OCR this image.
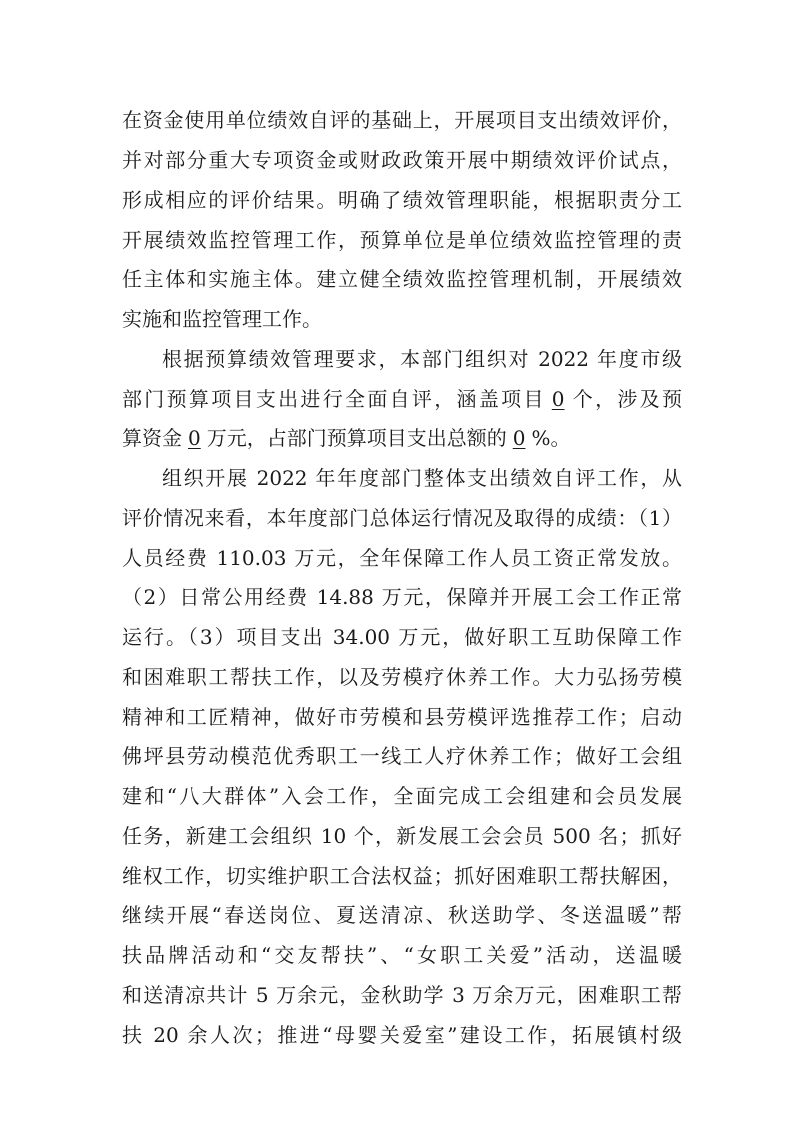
在资金使用单位绩效自评的基础上，开展项目支出绩效评价，
并对部分重大专项资金或财政政策开展中期绩效评价试点，
形成相应的评价结果。明确了绩效管理职能，根据职责分工
开展绩效监控管理工作，预算单位是单位绩效监控管理的责
任主体和实施主体。建立健全绩效监控管理机制，开展绩效
实施和监控管理工作。
根据预算绩效管理要求，本部门组织对 2022 年度市级
部门预算项目支出进行全面自评，涵盖项目 0 个，涉及预
算资金 0 万元，占部门预算项目支出总额的 0 %。
组织开展 2022 年年度部门整体支出绩效自评工作，从
评价情况来看，本年度部门总体运行情况及取得的成绩：（1）
人员经费 110.03 万元，全年保障工作人员工资正常发放。
（2）日常公用经费 14.88 万元，保障并开展工会工作正常
运行。（3）项目支出 34.00 万元，做好职工互助保障工作
和困难职工帮扶工作，以及劳模疗休养工作。大力弘扬劳模
精神和工匠精神，做好市劳模和县劳模评选推荐工作；启动
佛坪县劳动模范优秀职工一线工人疗休养工作；做好工会组
建和“八大群体”入会工作，全面完成工会组建和会员发展
任务，新建工会组织 10 个，新发展工会会员 500 名；抓好
维权工作，切实维护职工合法权益；抓好困难职工帮扶解困，
继续开展“春送岗位、夏送清凉、秋送助学、冬送温暖”帮
扶品牌活动和“交友帮扶”、“女职工关爱”活动，送温暖
和送清凉共计 5 万余元，金秋助学 3 万余万元，困难职工帮
扶 20 余人次；推进“母婴关爱室”建设工作，拓展镇村级
